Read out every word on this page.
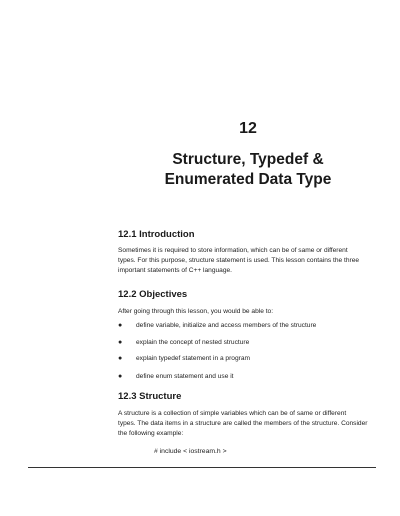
12
Structure, Typedef &
Enumerated Data Type
12.1 Introduction
Sometimes it is required to store information, which can be of same or different
types. For this purpose, structure statement is used. This lesson contains the three
important statements of C++ language.
12.2 Objectives
After going through this lesson, you would be able to:
● define variable, initialize and access members of the structure
● explain the concept of nested structure
● explain typedef statement in a program
● define enum statement and use it
12.3 Structure
A structure is a collection of simple variables which can be of same or different
types. The data items in a structure are called the members of the structure. Consider
the following example:
# include < iostream.h >
